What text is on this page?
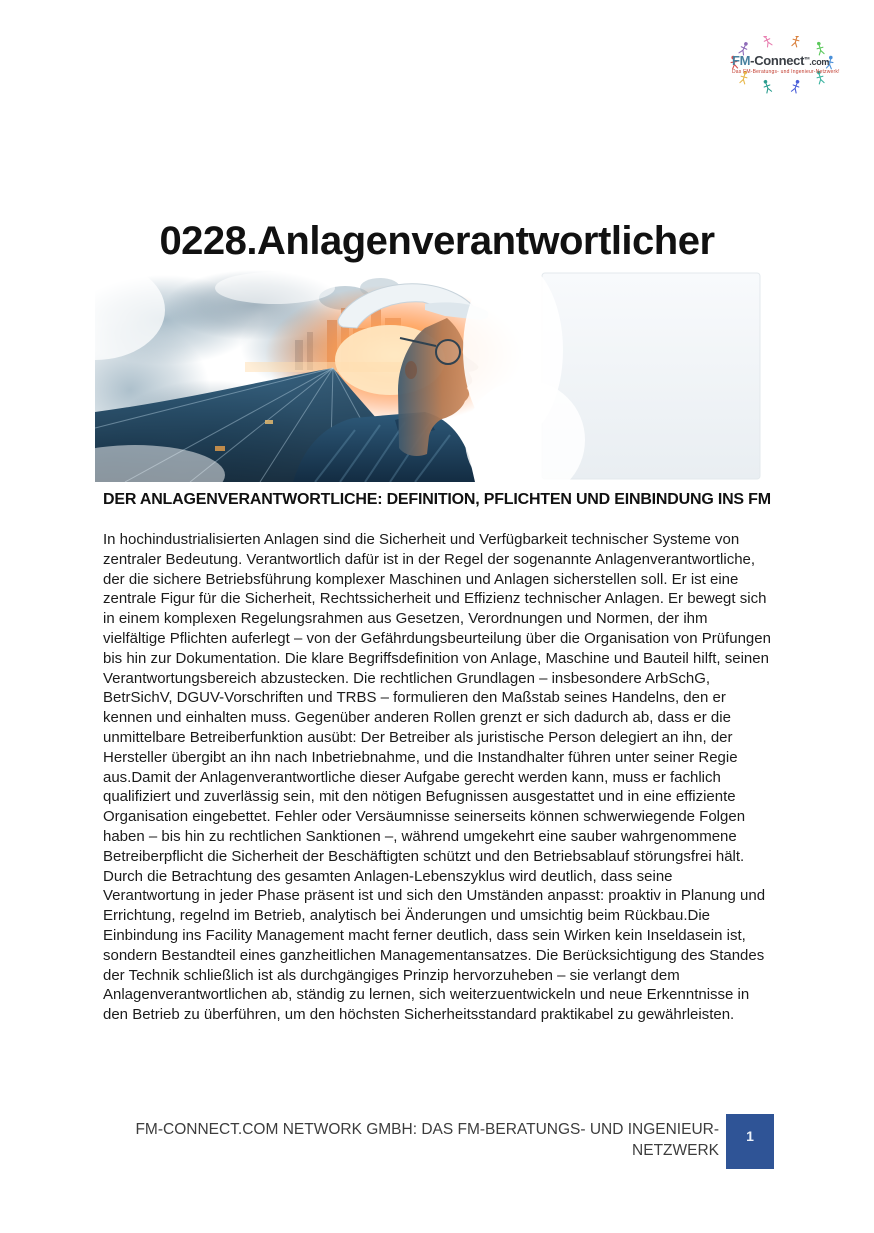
FM-Connect™.com
Das FM-Beratungs- und Ingenieur-Netzwerk!
0228.Anlagenverantwortlicher
DER ANLAGENVERANTWORTLICHE: DEFINITION, PFLICHTEN UND EINBINDUNG INS FM

In hochindustrialisierten Anlagen sind die Sicherheit und Verfügbarkeit technischer Systeme von zentraler Bedeutung. Verantwortlich dafür ist in der Regel der sogenannte Anlagenverantwortliche, der die sichere Betriebsführung komplexer Maschinen und Anlagen sicherstellen soll. Er ist eine zentrale Figur für die Sicherheit, Rechtssicherheit und Effizienz technischer Anlagen. Er bewegt sich in einem komplexen Regelungsrahmen aus Gesetzen, Verordnungen und Normen, der ihm vielfältige Pflichten auferlegt – von der Gefährdungsbeurteilung über die Organisation von Prüfungen bis hin zur Dokumentation. Die klare Begriffsdefinition von Anlage, Maschine und Bauteil hilft, seinen Verantwortungsbereich abzustecken. Die rechtlichen Grundlagen – insbesondere ArbSchG, BetrSichV, DGUV-Vorschriften und TRBS – formulieren den Maßstab seines Handelns, den er kennen und einhalten muss. Gegenüber anderen Rollen grenzt er sich dadurch ab, dass er die unmittelbare Betreiberfunktion ausübt: Der Betreiber als juristische Person delegiert an ihn, der Hersteller übergibt an ihn nach Inbetriebnahme, und die Instandhalter führen unter seiner Regie aus.Damit der Anlagenverantwortliche dieser Aufgabe gerecht werden kann, muss er fachlich qualifiziert und zuverlässig sein, mit den nötigen Befugnissen ausgestattet und in eine effiziente Organisation eingebettet. Fehler oder Versäumnisse seinerseits können schwerwiegende Folgen haben – bis hin zu rechtlichen Sanktionen –, während umgekehrt eine sauber wahrgenommene Betreiberpflicht die Sicherheit der Beschäftigten schützt und den Betriebsablauf störungsfrei hält. Durch die Betrachtung des gesamten Anlagen-Lebenszyklus wird deutlich, dass seine Verantwortung in jeder Phase präsent ist und sich den Umständen anpasst: proaktiv in Planung und Errichtung, regelnd im Betrieb, analytisch bei Änderungen und umsichtig beim Rückbau.Die Einbindung ins Facility Management macht ferner deutlich, dass sein Wirken kein Inseldasein ist, sondern Bestandteil eines ganzheitlichen Managementansatzes. Die Berücksichtigung des Standes der Technik schließlich ist als durchgängiges Prinzip hervorzuheben – sie verlangt dem Anlagenverantwortlichen ab, ständig zu lernen, sich weiterzuentwickeln und neue Erkenntnisse in den Betrieb zu überführen, um den höchsten Sicherheitsstandard praktikabel zu gewährleisten.

FM-CONNECT.COM NETWORK GMBH: DAS FM-BERATUNGS- UND INGENIEUR-NETZWERK
1
